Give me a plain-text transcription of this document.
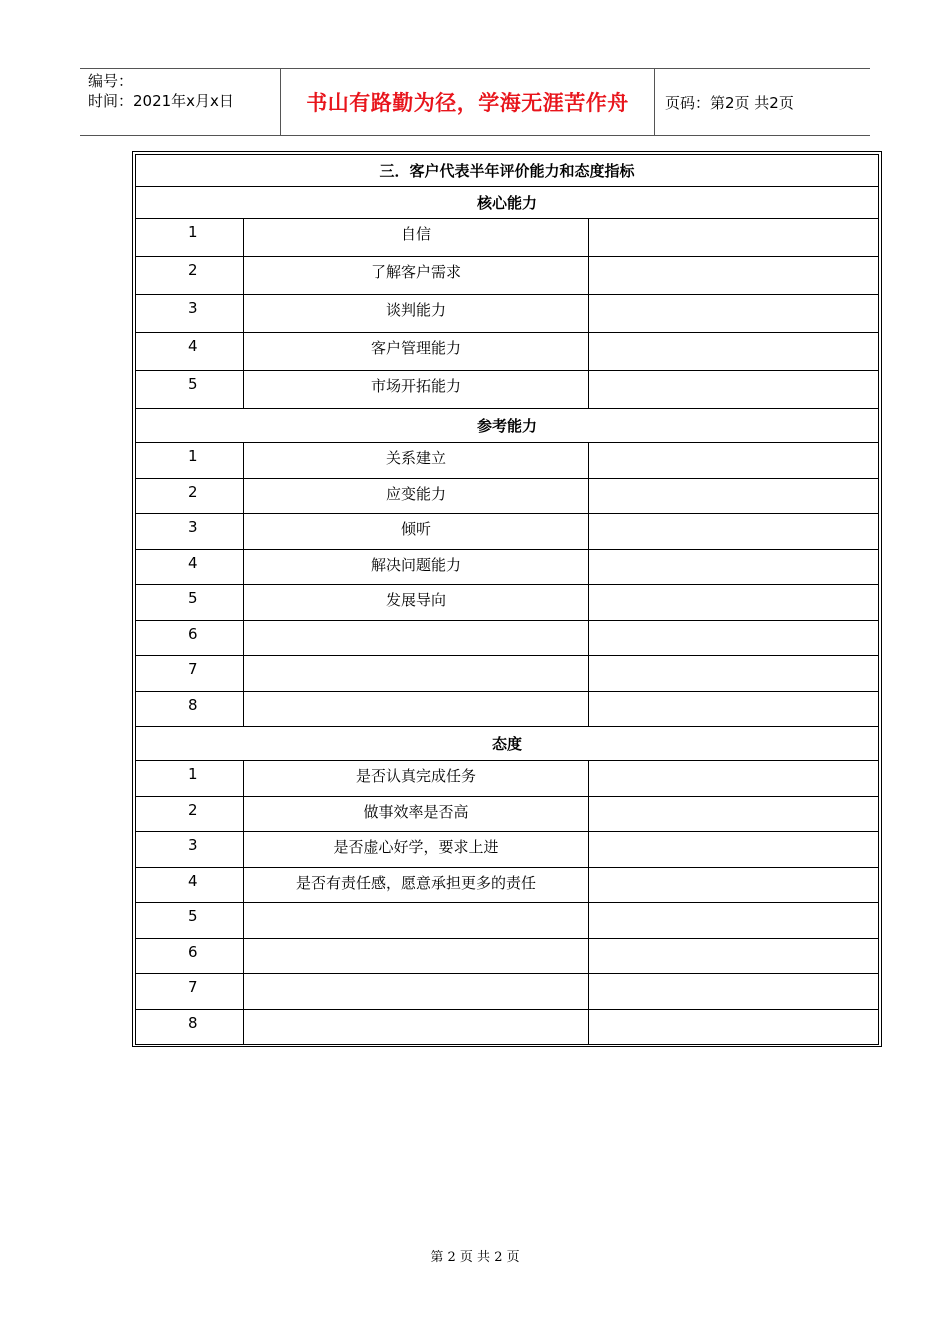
编号：
时间：2021年x月x日	书山有路勤为径，学海无涯苦作舟	页码：第2页 共2页
三．客户代表半年评价能力和态度指标		
核心能力		
1	自信	
2	了解客户需求	
3	谈判能力	
4	客户管理能力	
5	市场开拓能力	
参考能力		
1	关系建立	
2	应变能力	
3	倾听	
4	解决问题能力	
5	发展导向	
6		
7		
8		
态度		
1	是否认真完成任务	
2	做事效率是否高	
3	是否虚心好学，要求上进	
4	是否有责任感，愿意承担更多的责任	
5		
6		
7		
8		
第 2 页 共 2 页
